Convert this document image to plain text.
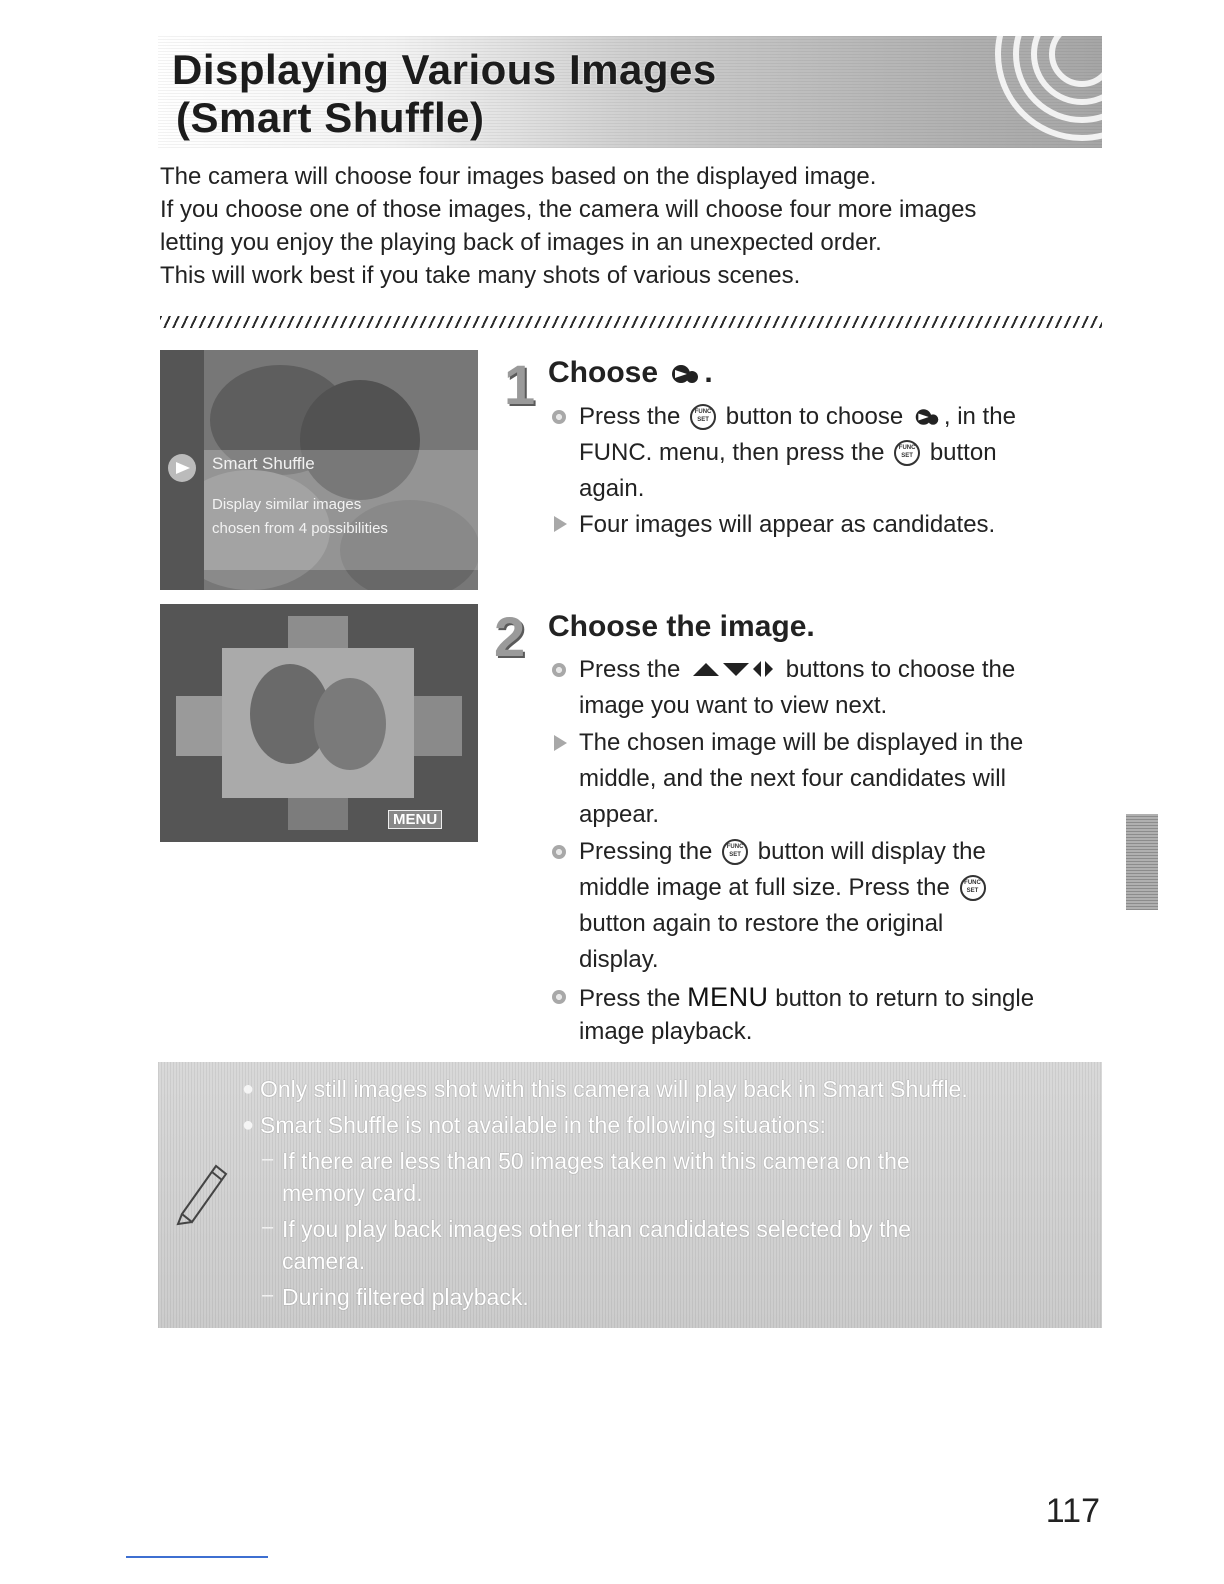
Displaying Various Images
(Smart Shuffle)
The camera will choose four images based on the displayed image.
If you choose one of those images, the camera will choose four more images
letting you enjoy the playing back of images in an unexpected order.
This will work best if you take many shots of various scenes.
Smart Shuffle
Display similar images
chosen from 4 possibilities
MENU
1 Choose .
Press the FUNC SET button to choose , in the
FUNC. menu, then press the FUNC SET button
again.
Four images will appear as candidates.
2 Choose the image.
Press the	buttons to choose the
image you want to view next.
The chosen image will be displayed in the
middle, and the next four candidates will
appear.
Pressing the FUNC SET button will display the
middle image at full size. Press the FUNC SET
button again to restore the original
display.
Press the MENU button to return to single
image playback.
● Only still images shot with this camera will play back in Smart Shuffle.
● Smart Shuffle is not available in the following situations:
– If there are less than 50 images taken with this camera on the
memory card.
– If you play back images other than candidates selected by the
camera.
– During filtered playback.
117
